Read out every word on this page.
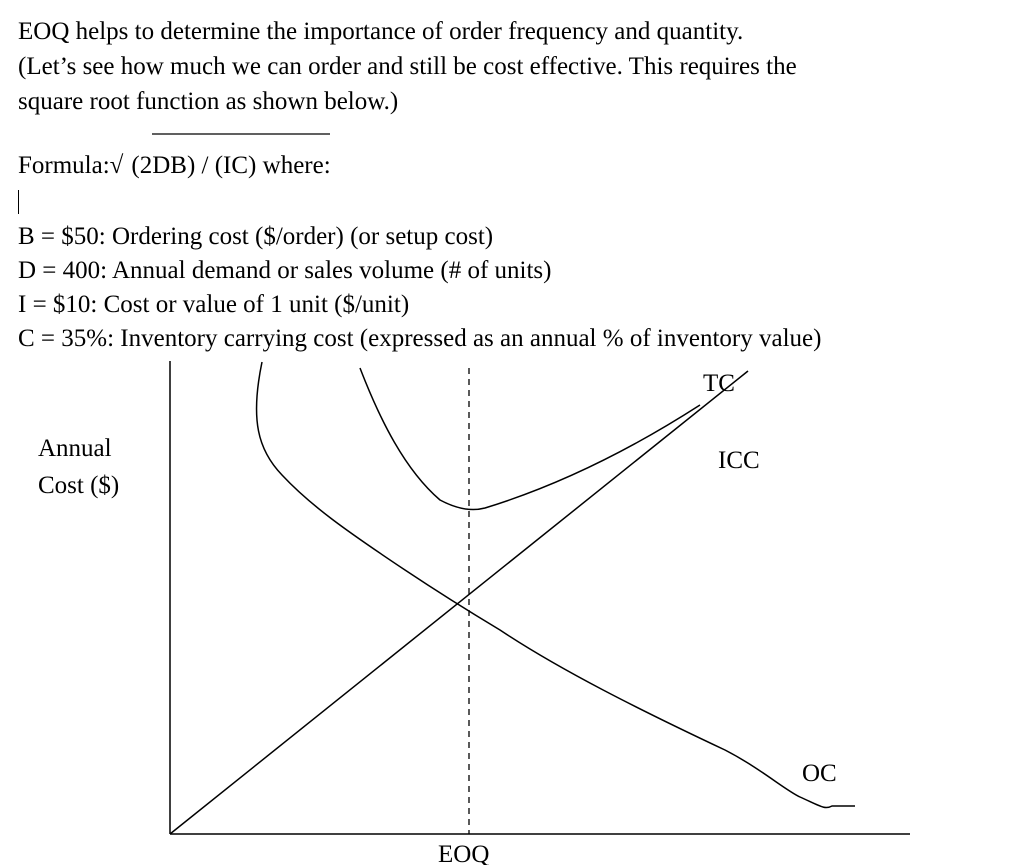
EOQ helps to determine the importance of order frequency and quantity.
(Let’s see how much we can order and still be cost effective. This requires the
square root function as shown below.)
Formula:√(2DB) / (IC) where:
B = $50: Ordering cost ($/order) (or setup cost)
D = 400: Annual demand or sales volume (# of units)
I = $10: Cost or value of 1 unit ($/unit)
C = 35%: Inventory carrying cost (expressed as an annual % of inventory value)
Annual
Cost ($)
TC
ICC
OC
EOQ
